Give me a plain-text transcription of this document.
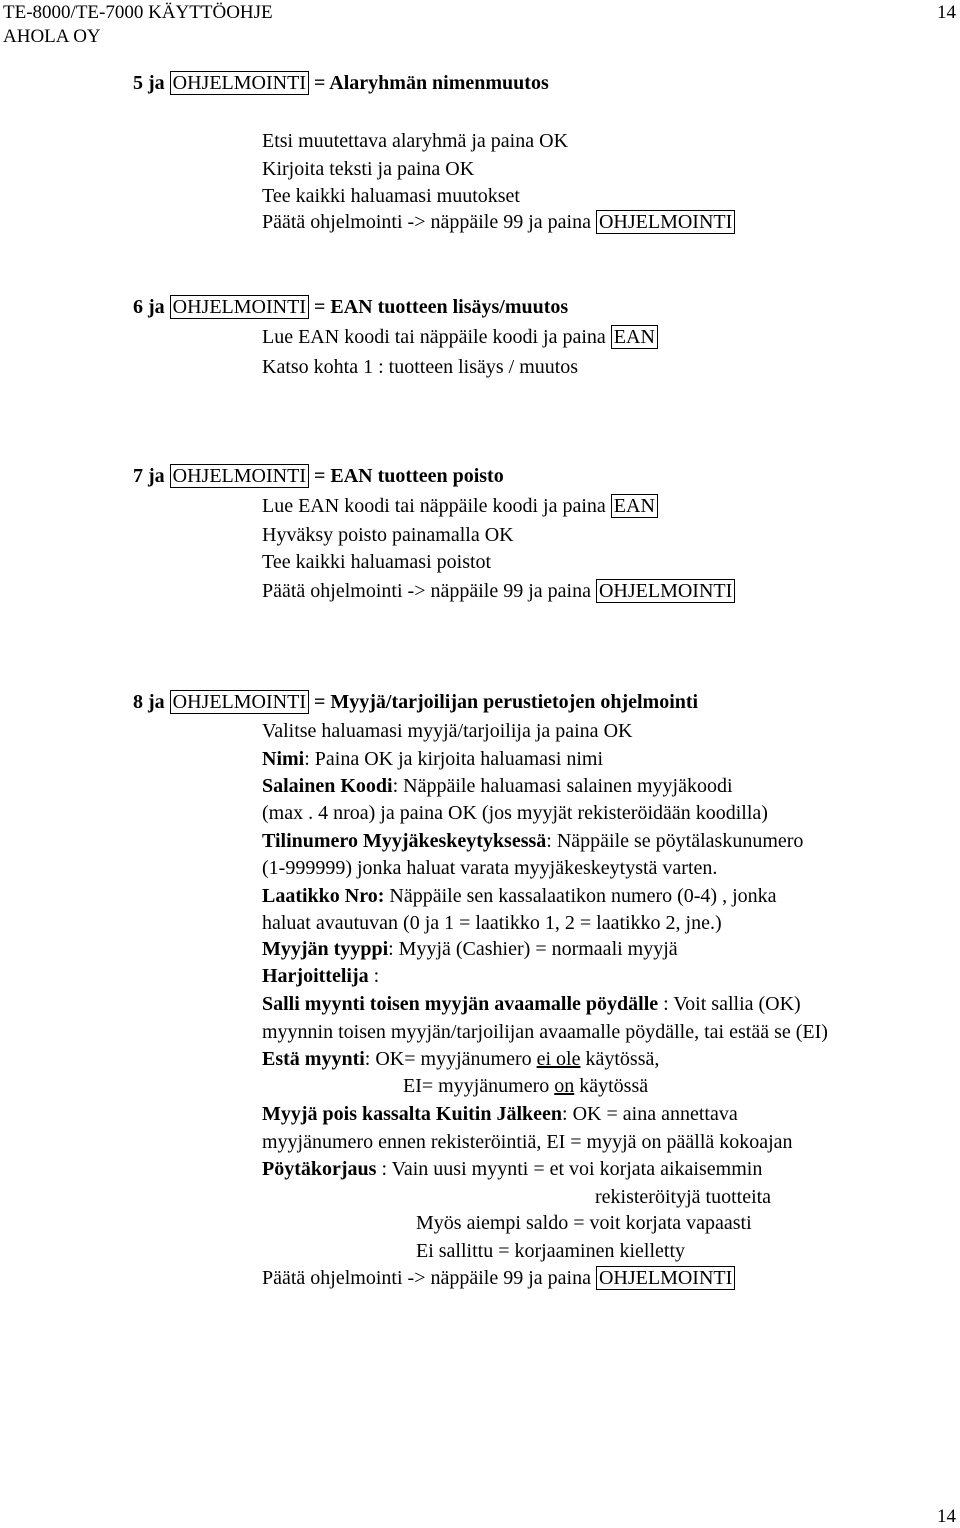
TE-8000/TE-7000 KÄYTTÖOHJE
AHOLA OY
14
5 ja OHJELMOINTI = Alaryhmän nimenmuutos
Etsi muutettava alaryhmä ja paina OK
Kirjoita teksti ja paina OK
Tee kaikki haluamasi muutokset
Päätä ohjelmointi -> näppäile 99 ja paina OHJELMOINTI
6 ja OHJELMOINTI = EAN tuotteen lisäys/muutos
Lue EAN koodi tai näppäile koodi ja paina EAN
Katso kohta 1 : tuotteen lisäys / muutos
7 ja OHJELMOINTI = EAN tuotteen poisto
Lue EAN koodi tai näppäile koodi ja paina EAN
Hyväksy poisto painamalla OK
Tee kaikki haluamasi poistot
Päätä ohjelmointi -> näppäile 99 ja paina OHJELMOINTI
8 ja OHJELMOINTI = Myyjä/tarjoilijan perustietojen ohjelmointi
Valitse haluamasi myyjä/tarjoilija ja paina OK
Nimi: Paina OK ja kirjoita haluamasi nimi
Salainen Koodi: Näppäile haluamasi salainen myyjäkoodi
(max . 4 nroa) ja paina OK (jos myyjät rekisteröidään koodilla)
Tilinumero Myyjäkeskeytyksessä: Näppäile se pöytälaskunumero
(1-999999) jonka haluat varata myyjäkeskeytystä varten.
Laatikko Nro: Näppäile sen kassalaatikon numero (0-4) , jonka
haluat avautuvan (0 ja 1 = laatikko 1, 2 = laatikko 2, jne.)
Myyjän tyyppi: Myyjä (Cashier) = normaali myyjä
Harjoittelija :
Salli myynti toisen myyjän avaamalle pöydälle : Voit sallia (OK)
myynnin toisen myyjän/tarjoilijan avaamalle pöydälle, tai estää se (EI)
Estä myynti: OK= myyjänumero ei ole käytössä,
EI= myyjänumero on käytössä
Myyjä pois kassalta Kuitin Jälkeen: OK = aina annettava
myyjänumero ennen rekisteröintiä, EI = myyjä on päällä kokoajan
Pöytäkorjaus : Vain uusi myynti = et voi korjata aikaisemmin
rekisteröityjä tuotteita
Myös aiempi saldo = voit korjata vapaasti
Ei sallittu = korjaaminen kielletty
Päätä ohjelmointi -> näppäile 99 ja paina OHJELMOINTI
14
